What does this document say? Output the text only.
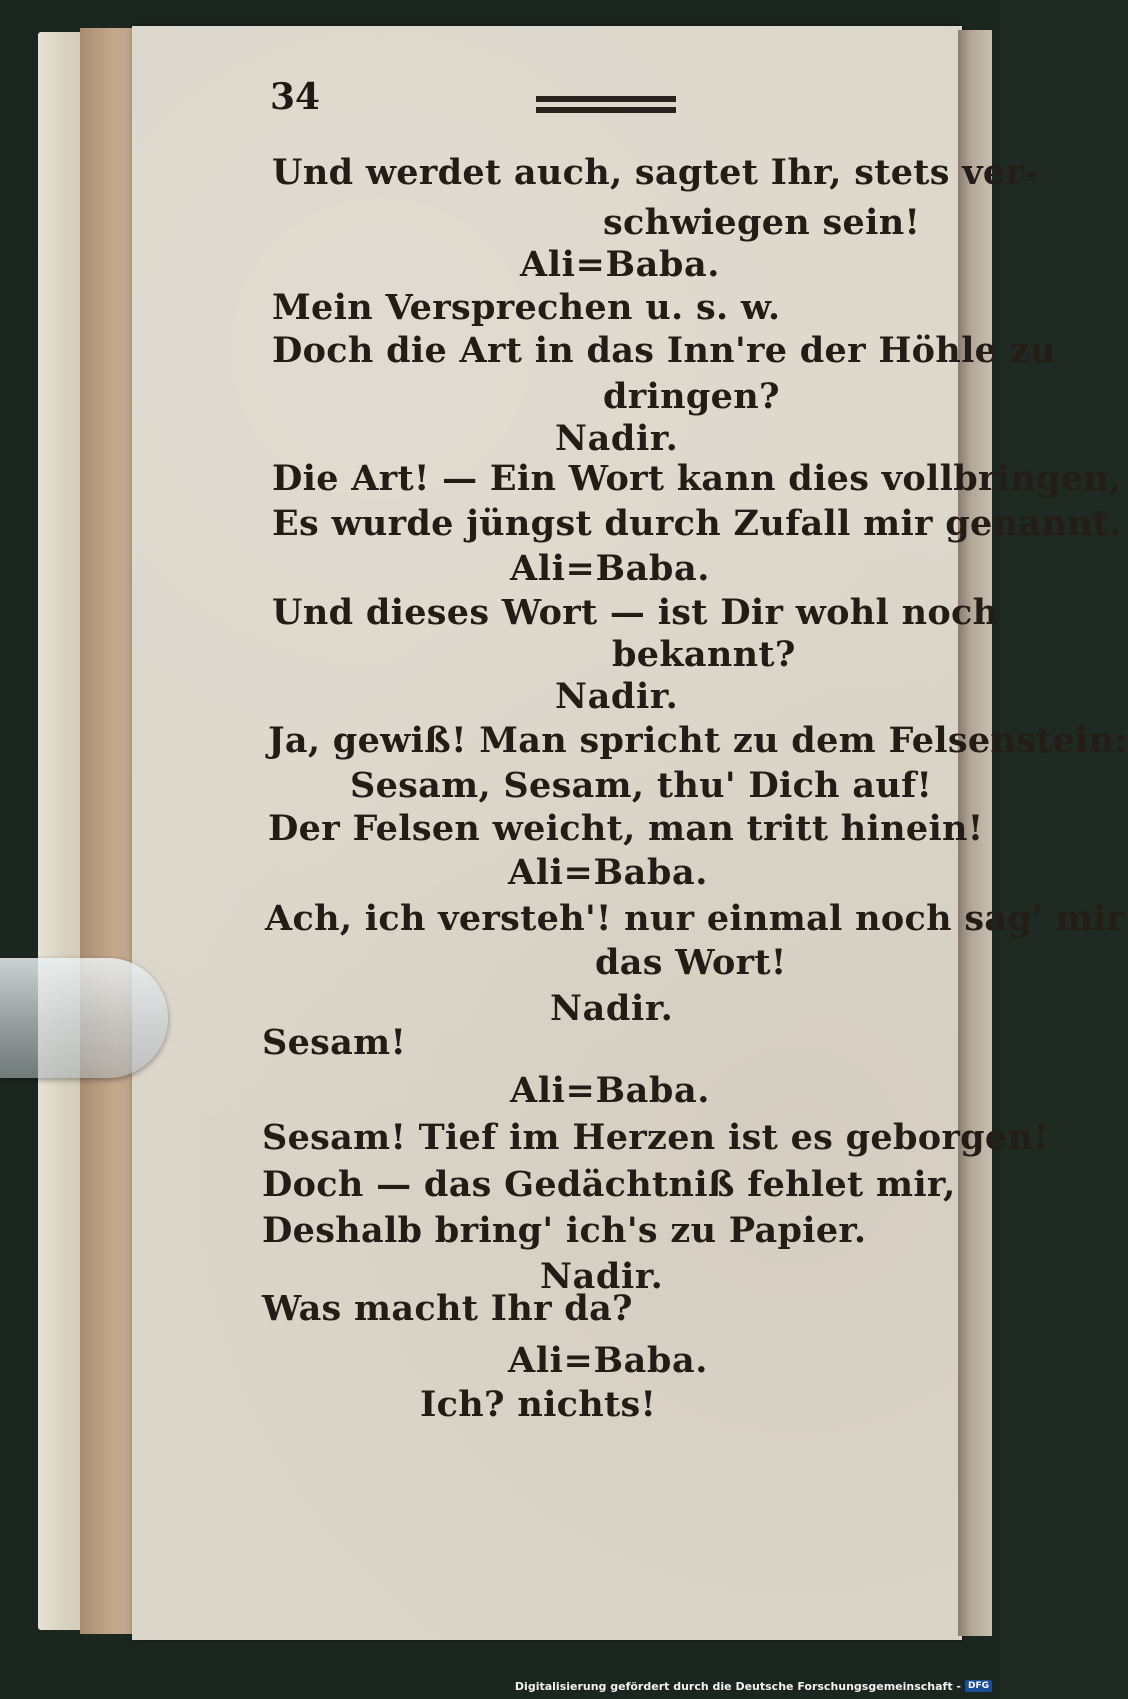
34
Und werdet auch, sagtet Ihr, stets ver-
schwiegen sein!
Ali=Baba.
Mein Versprechen u. s. w.
Doch die Art in das Inn're der Höhle zu
dringen?
Nadir.
Die Art! — Ein Wort kann dies vollbringen,
Es wurde jüngst durch Zufall mir genannt.
Ali=Baba.
Und dieses Wort — ist Dir wohl noch
bekannt?
Nadir.
Ja, gewiß! Man spricht zu dem Felsenstein:
Sesam, Sesam, thu' Dich auf!
Der Felsen weicht, man tritt hinein!
Ali=Baba.
Ach, ich versteh'! nur einmal noch sag' mir
das Wort!
Nadir.
Sesam!
Ali=Baba.
Sesam! Tief im Herzen ist es geborgen!
Doch — das Gedächtniß fehlet mir,
Deshalb bring' ich's zu Papier.
Nadir.
Was macht Ihr da?
Ali=Baba.
Ich? nichts!
Digitalisierung gefördert durch die Deutsche Forschungsgemeinschaft - DFG
